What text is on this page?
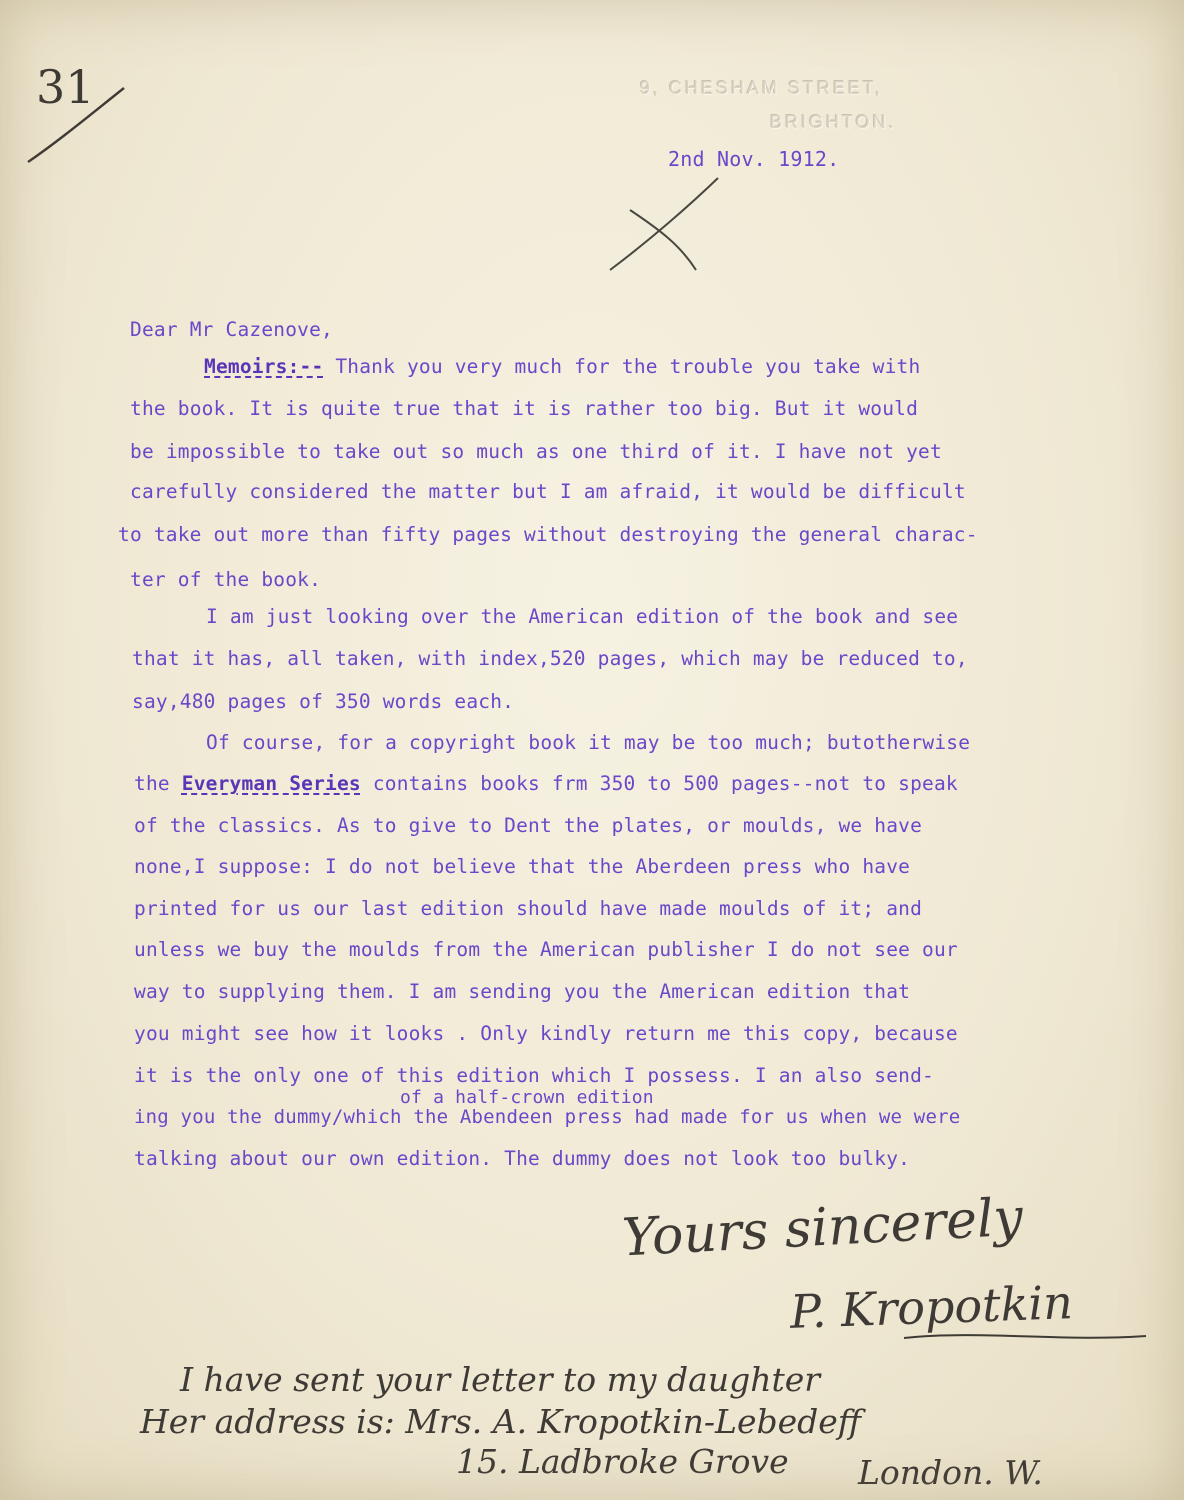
31	9, CHESHAM STREET,
BRIGHTON.
2nd Nov. 1912.
Dear Mr Cazenove,
Memoirs:-- Thank you very much for the trouble you take with
the book. It is quite true that it is rather too big. But it would
be impossible to take out so much as one third of it. I have not yet
carefully considered the matter but I am afraid, it would be difficult
to take out more than fifty pages without destroying the general charac-
ter of the book.
I am just looking over the American edition of the book and see
that it has, all taken, with index,520 pages, which may be reduced to,
say,480 pages of 350 words each.
Of course, for a copyright book it may be too much; butotherwise
the Everyman Series contains books frm 350 to 500 pages--not to speak
of the classics. As to give to Dent the plates, or moulds, we have
none,I suppose: I do not believe that the Aberdeen press who have
printed for us our last edition should have made moulds of it; and
unless we buy the moulds from the American publisher I do not see our
way to supplying them. I am sending you the American edition that
you might see how it looks . Only kindly return me this copy, because
it is the only one of this edition which I possess. I an also send-
ing you the dummy/which the Abendeen press had made for us when we were
talking about our own edition. The dummy does not look too bulky.
of a half-crown edition
Yours sincerely
P. Kropotkin
I have sent your letter to my daughter
Her address is: Mrs. A. Kropotkin-Lebedeff
15. Ladbroke Grove London. W.
